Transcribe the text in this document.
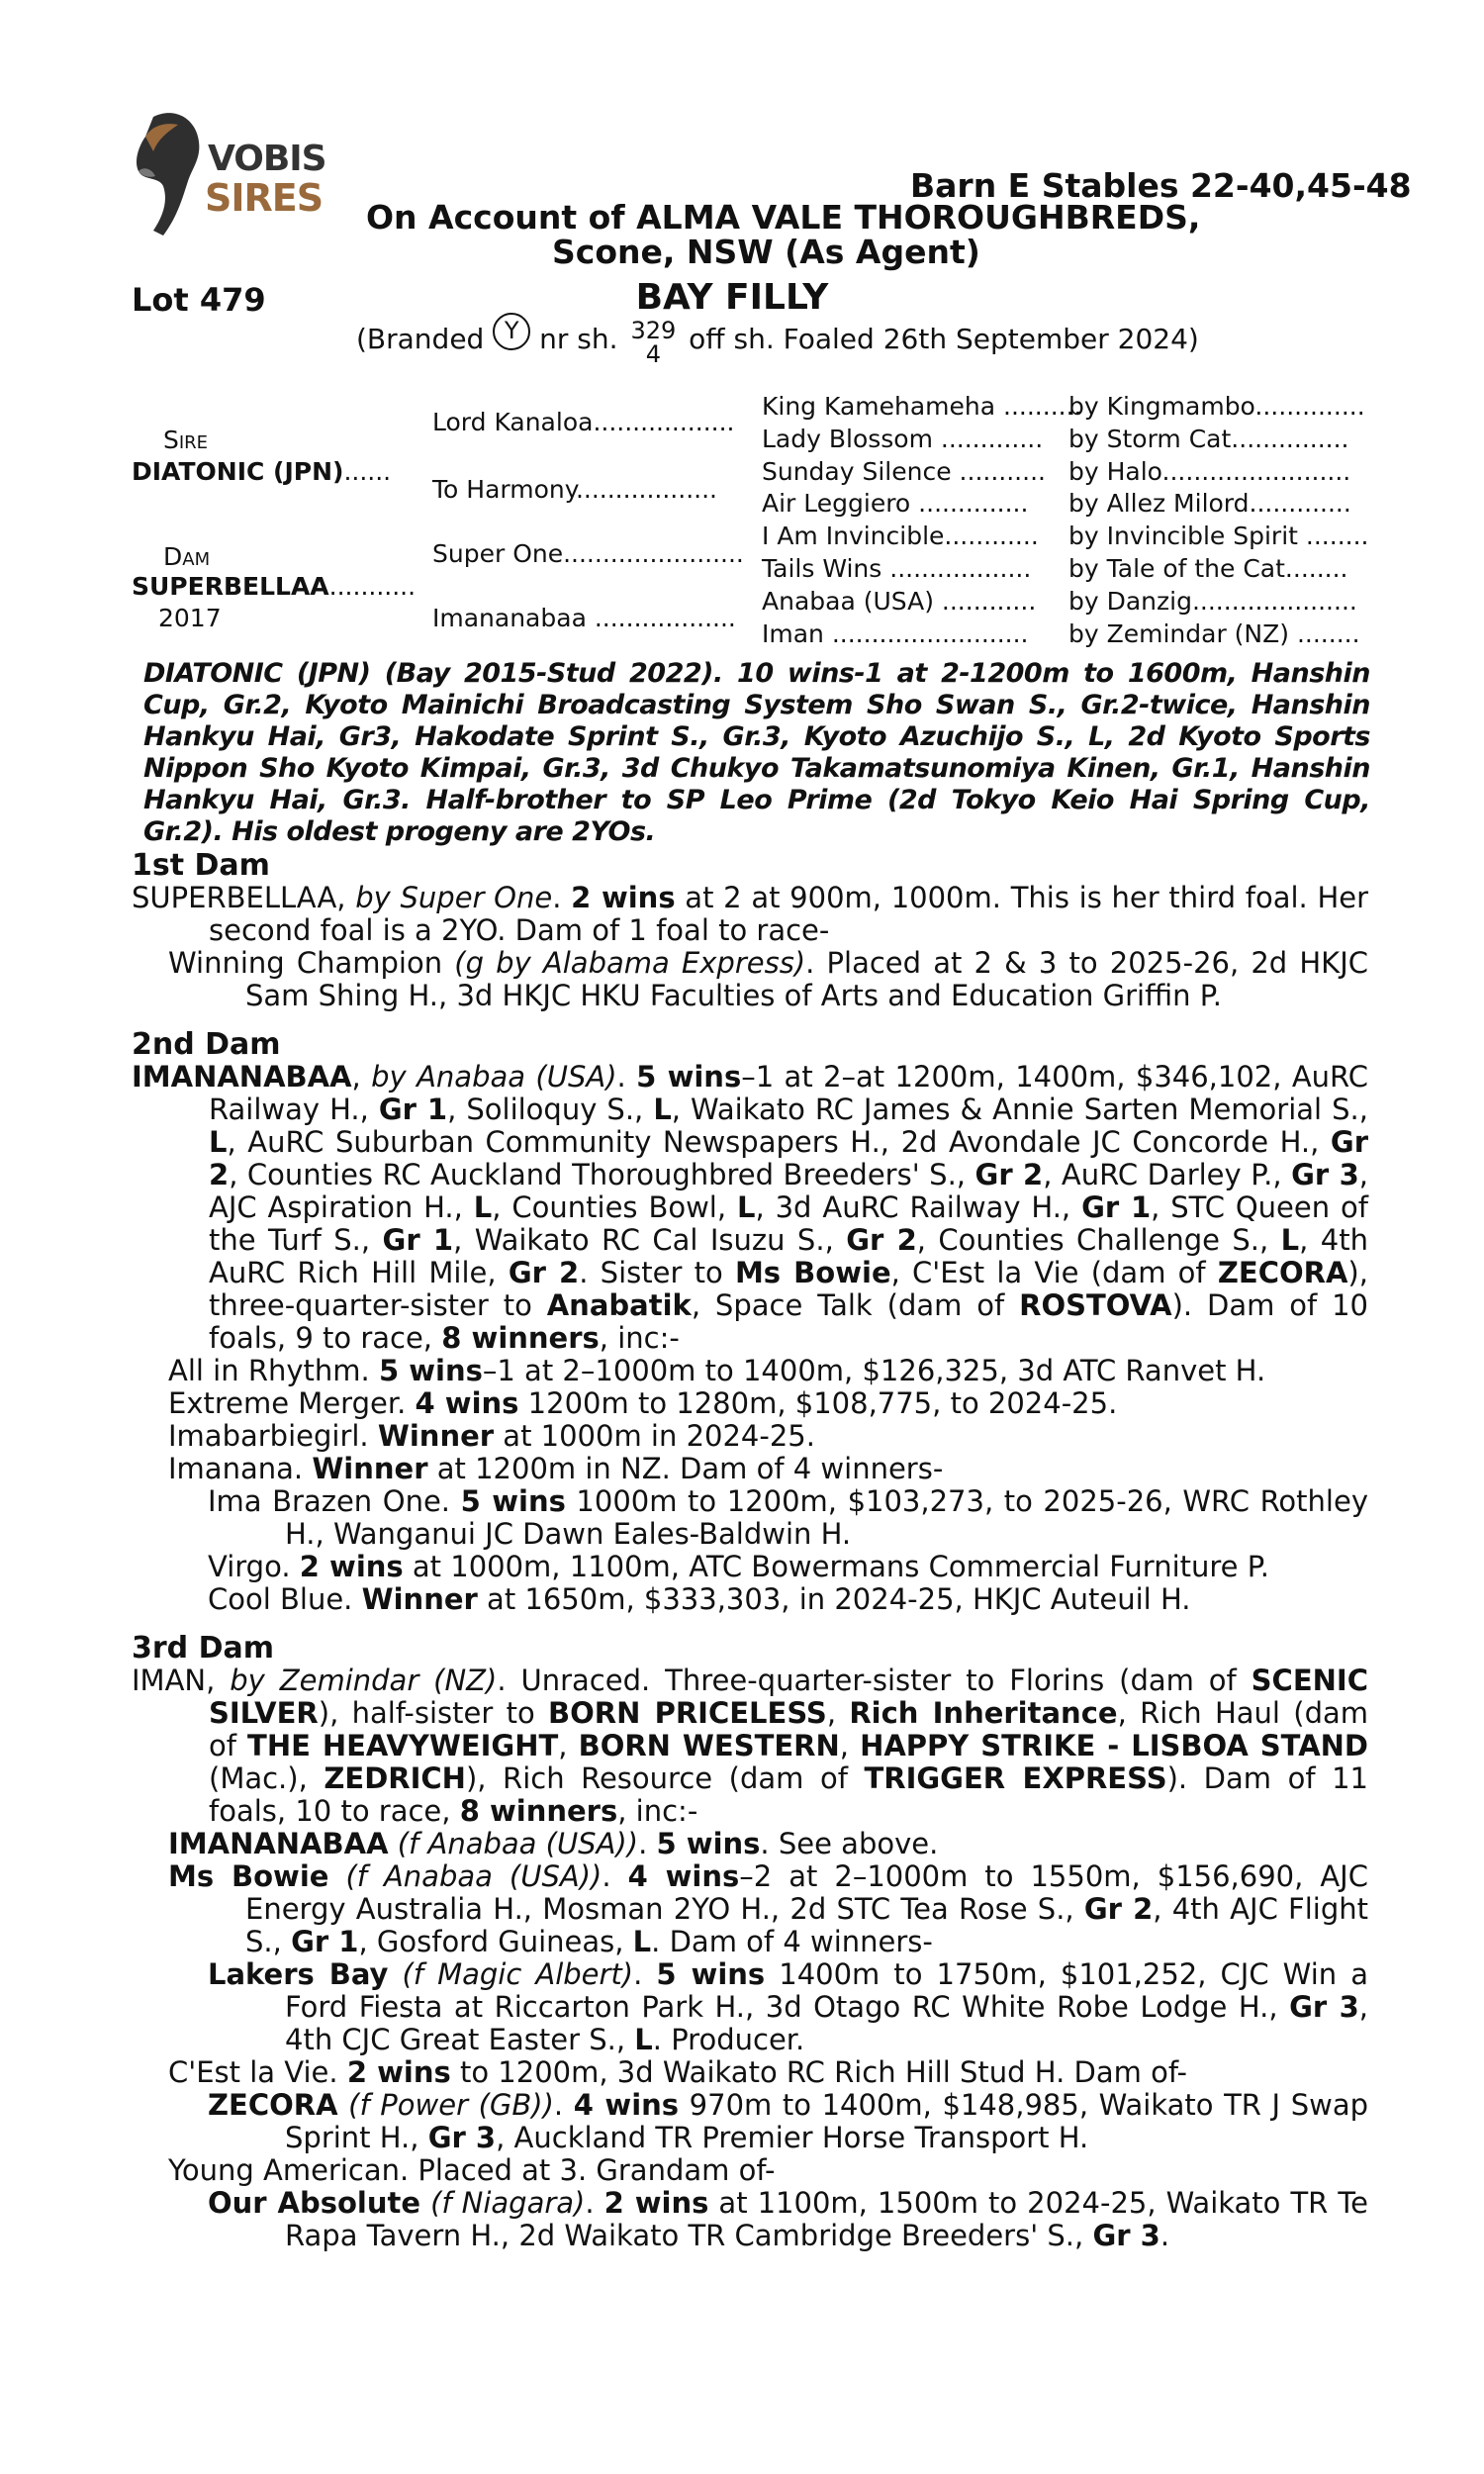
VOBIS
SIRES	Barn E Stables 22-40,45-48
On Account of ALMA VALE THOROUGHBREDS,
Scone, NSW (As Agent)
Lot 479	BAY FILLY
(Branded Y nr sh. 329
4 off sh. Foaled 26th September 2024)
Sire
DIATONIC (JPN)......
Dam
SUPERBELLAA...........
2017
Lord Kanaloa..................
To Harmony..................
Super One.......................
Imananabaa ..................
King Kamehameha ..........
Lady Blossom .............
Sunday Silence ...........
Air Leggiero ..............
I Am Invincible............
Tails Wins ..................
Anabaa (USA) ............
Iman .........................
by Kingmambo..............
by Storm Cat...............
by Halo........................
by Allez Milord.............
by Invincible Spirit ........
by Tale of the Cat........
by Danzig.....................
by Zemindar (NZ) ........
DIATONIC (JPN) (Bay 2015-Stud 2022). 10 wins-1 at 2-1200m to 1600m, Hanshin Cup, Gr.2, Kyoto Mainichi Broadcasting System Sho Swan S., Gr.2-twice, Hanshin Hankyu Hai, Gr3, Hakodate Sprint S., Gr.3, Kyoto Azuchijo S., L, 2d Kyoto Sports Nippon Sho Kyoto Kimpai, Gr.3, 3d Chukyo Takamatsunomiya Kinen, Gr.1, Hanshin Hankyu Hai, Gr.3. Half-brother to SP Leo Prime (2d Tokyo Keio Hai Spring Cup, Gr.2). His oldest progeny are 2YOs.
1st Dam

SUPERBELLAA, by Super One. 2 wins at 2 at 900m, 1000m. This is her third foal. Her second foal is a 2YO. Dam of 1 foal to race-

Winning Champion (g by Alabama Express). Placed at 2 & 3 to 2025-26, 2d HKJC Sam Shing H., 3d HKJC HKU Faculties of Arts and Education Griffin P.

2nd Dam

IMANANABAA, by Anabaa (USA). 5 wins–1 at 2–at 1200m, 1400m, $346,102, AuRC Railway H., Gr 1, Soliloquy S., L, Waikato RC James & Annie Sarten Memorial S., L, AuRC Suburban Community Newspapers H., 2d Avondale JC Concorde H., Gr 2, Counties RC Auckland Thoroughbred Breeders' S., Gr 2, AuRC Darley P., Gr 3, AJC Aspiration H., L, Counties Bowl, L, 3d AuRC Railway H., Gr 1, STC Queen of the Turf S., Gr 1, Waikato RC Cal Isuzu S., Gr 2, Counties Challenge S., L, 4th AuRC Rich Hill Mile, Gr 2. Sister to Ms Bowie, C'Est la Vie (dam of ZECORA), three-quarter-sister to Anabatik, Space Talk (dam of ROSTOVA). Dam of 10 foals, 9 to race, 8 winners, inc:-

All in Rhythm. 5 wins–1 at 2–1000m to 1400m, $126,325, 3d ATC Ranvet H.

Extreme Merger. 4 wins 1200m to 1280m, $108,775, to 2024-25.

Imabarbiegirl. Winner at 1000m in 2024-25.

Imanana. Winner at 1200m in NZ. Dam of 4 winners-

Ima Brazen One. 5 wins 1000m to 1200m, $103,273, to 2025-26, WRC Rothley H., Wanganui JC Dawn Eales-Baldwin H.

Virgo. 2 wins at 1000m, 1100m, ATC Bowermans Commercial Furniture P.

Cool Blue. Winner at 1650m, $333,303, in 2024-25, HKJC Auteuil H.

3rd Dam

IMAN, by Zemindar (NZ). Unraced. Three-quarter-sister to Florins (dam of SCENIC SILVER), half-sister to BORN PRICELESS, Rich Inheritance, Rich Haul (dam of THE HEAVYWEIGHT, BORN WESTERN, HAPPY STRIKE - LISBOA STAND (Mac.), ZEDRICH), Rich Resource (dam of TRIGGER EXPRESS). Dam of 11 foals, 10 to race, 8 winners, inc:-

IMANANABAA (f Anabaa (USA)). 5 wins. See above.

Ms Bowie (f Anabaa (USA)). 4 wins–2 at 2–1000m to 1550m, $156,690, AJC Energy Australia H., Mosman 2YO H., 2d STC Tea Rose S., Gr 2, 4th AJC Flight S., Gr 1, Gosford Guineas, L. Dam of 4 winners-

Lakers Bay (f Magic Albert). 5 wins 1400m to 1750m, $101,252, CJC Win a Ford Fiesta at Riccarton Park H., 3d Otago RC White Robe Lodge H., Gr 3, 4th CJC Great Easter S., L. Producer.

C'Est la Vie. 2 wins to 1200m, 3d Waikato RC Rich Hill Stud H. Dam of-

ZECORA (f Power (GB)). 4 wins 970m to 1400m, $148,985, Waikato TR J Swap Sprint H., Gr 3, Auckland TR Premier Horse Transport H.

Young American. Placed at 3. Grandam of-

Our Absolute (f Niagara). 2 wins at 1100m, 1500m to 2024-25, Waikato TR Te Rapa Tavern H., 2d Waikato TR Cambridge Breeders' S., Gr 3.
